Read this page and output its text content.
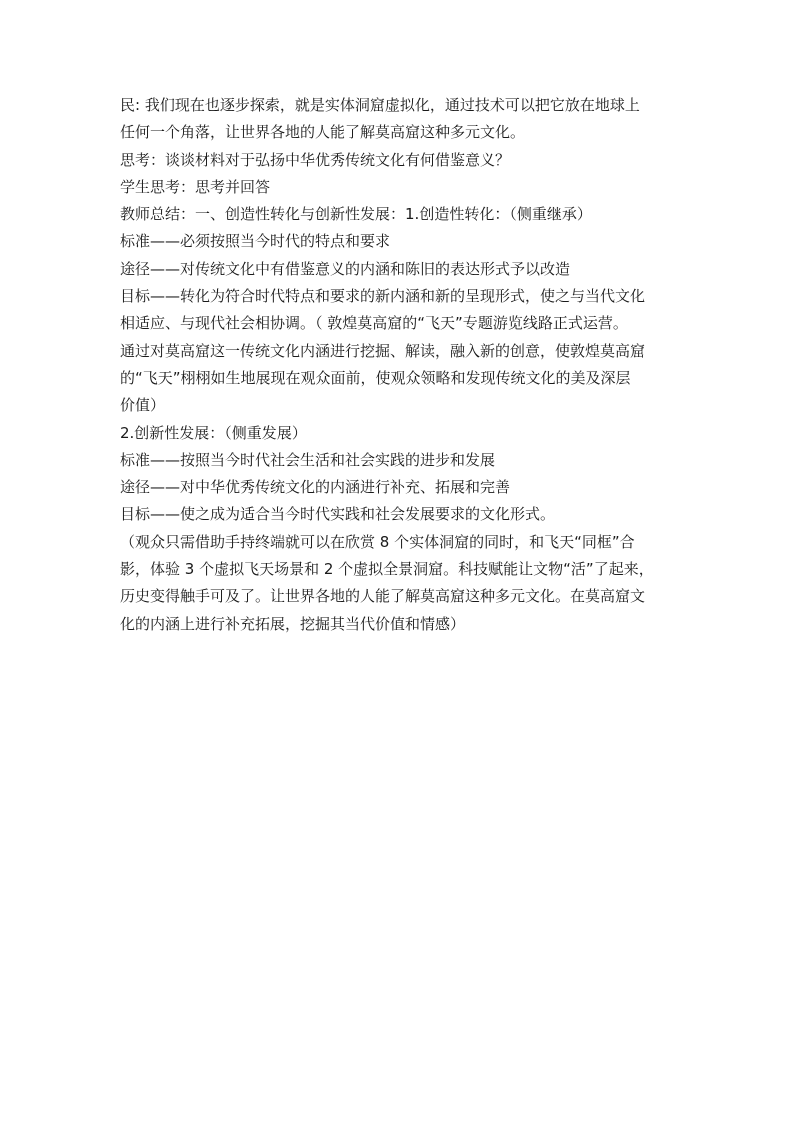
民: 我们现在也逐步探索，就是实体洞窟虚拟化，通过技术可以把它放在地球上
任何一个角落，让世界各地的人能了解莫高窟这种多元文化。
思考：谈谈材料对于弘扬中华优秀传统文化有何借鉴意义？
学生思考：思考并回答
教师总结：一、创造性转化与创新性发展：1.创造性转化：（侧重继承）
标准——必须按照当今时代的特点和要求
途径——对传统文化中有借鉴意义的内涵和陈旧的表达形式予以改造
目标——转化为符合时代特点和要求的新内涵和新的呈现形式，使之与当代文化
相适应、与现代社会相协调。（ 敦煌莫高窟的“飞天”专题游览线路正式运营。
通过对莫高窟这一传统文化内涵进行挖掘、解读，融入新的创意，使敦煌莫高窟
的“飞天”栩栩如生地展现在观众面前，使观众领略和发现传统文化的美及深层
价值）
2.创新性发展：（侧重发展）
标准——按照当今时代社会生活和社会实践的进步和发展
途径——对中华优秀传统文化的内涵进行补充、拓展和完善
目标——使之成为适合当今时代实践和社会发展要求的文化形式。
（观众只需借助手持终端就可以在欣赏 8 个实体洞窟的同时，和飞天“同框”合
影，体验 3 个虚拟飞天场景和 2 个虚拟全景洞窟。科技赋能让文物“活”了起来，
历史变得触手可及了。让世界各地的人能了解莫高窟这种多元文化。在莫高窟文
化的内涵上进行补充拓展，挖掘其当代价值和情感）
